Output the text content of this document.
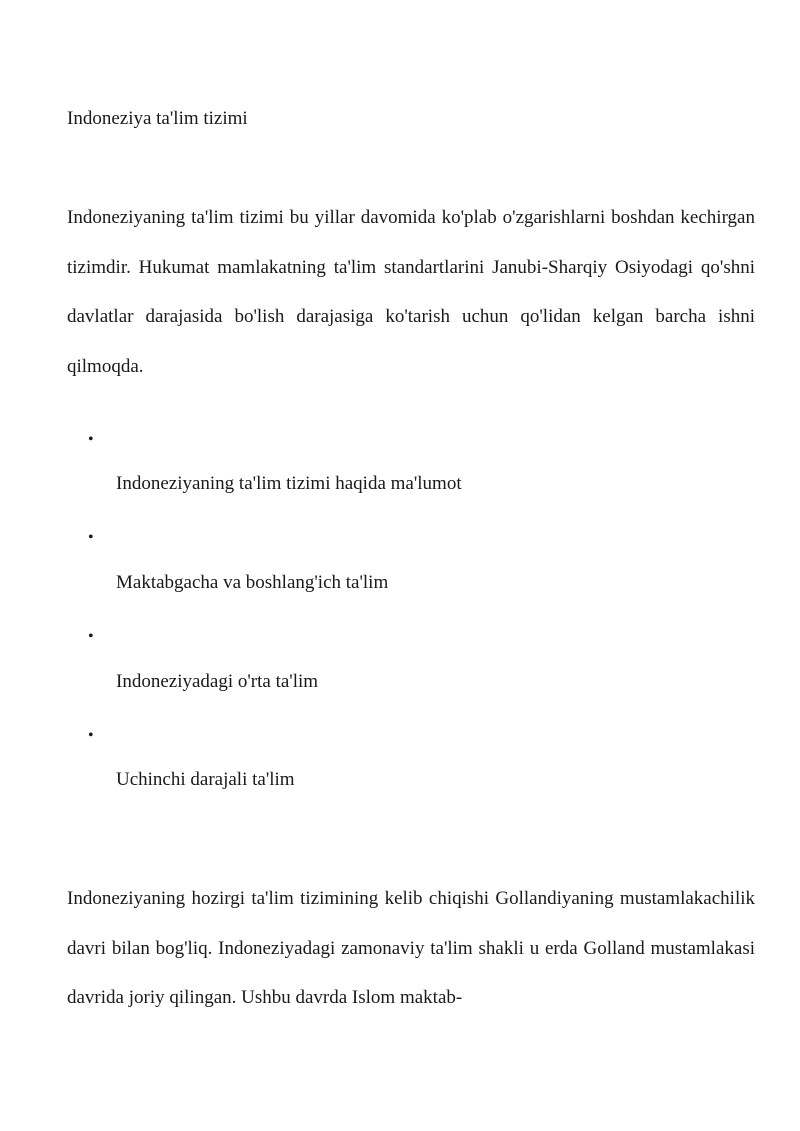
Indoneziya ta'lim tizimi

Indoneziyaning ta'lim tizimi bu yillar davomida ko'plab o'zgarishlarni boshdan kechirgan tizimdir. Hukumat mamlakatning ta'lim standartlarini Janubi-Sharqiy Osiyodagi qo'shni davlatlar darajasida bo'lish darajasiga ko'tarish uchun qo'lidan kelgan barcha ishni qilmoqda.

•
Indoneziyaning ta'lim tizimi haqida ma'lumot
•
Maktabgacha va boshlang'ich ta'lim
•
Indoneziyadagi o'rta ta'lim
•
Uchinchi darajali ta'lim

Indoneziyaning hozirgi ta'lim tizimining kelib chiqishi Gollandiyaning mustamlakachilik davri bilan bog'liq. Indoneziyadagi zamonaviy ta'lim shakli u erda Golland mustamlakasi davrida joriy qilingan. Ushbu davrda Islom maktab-
